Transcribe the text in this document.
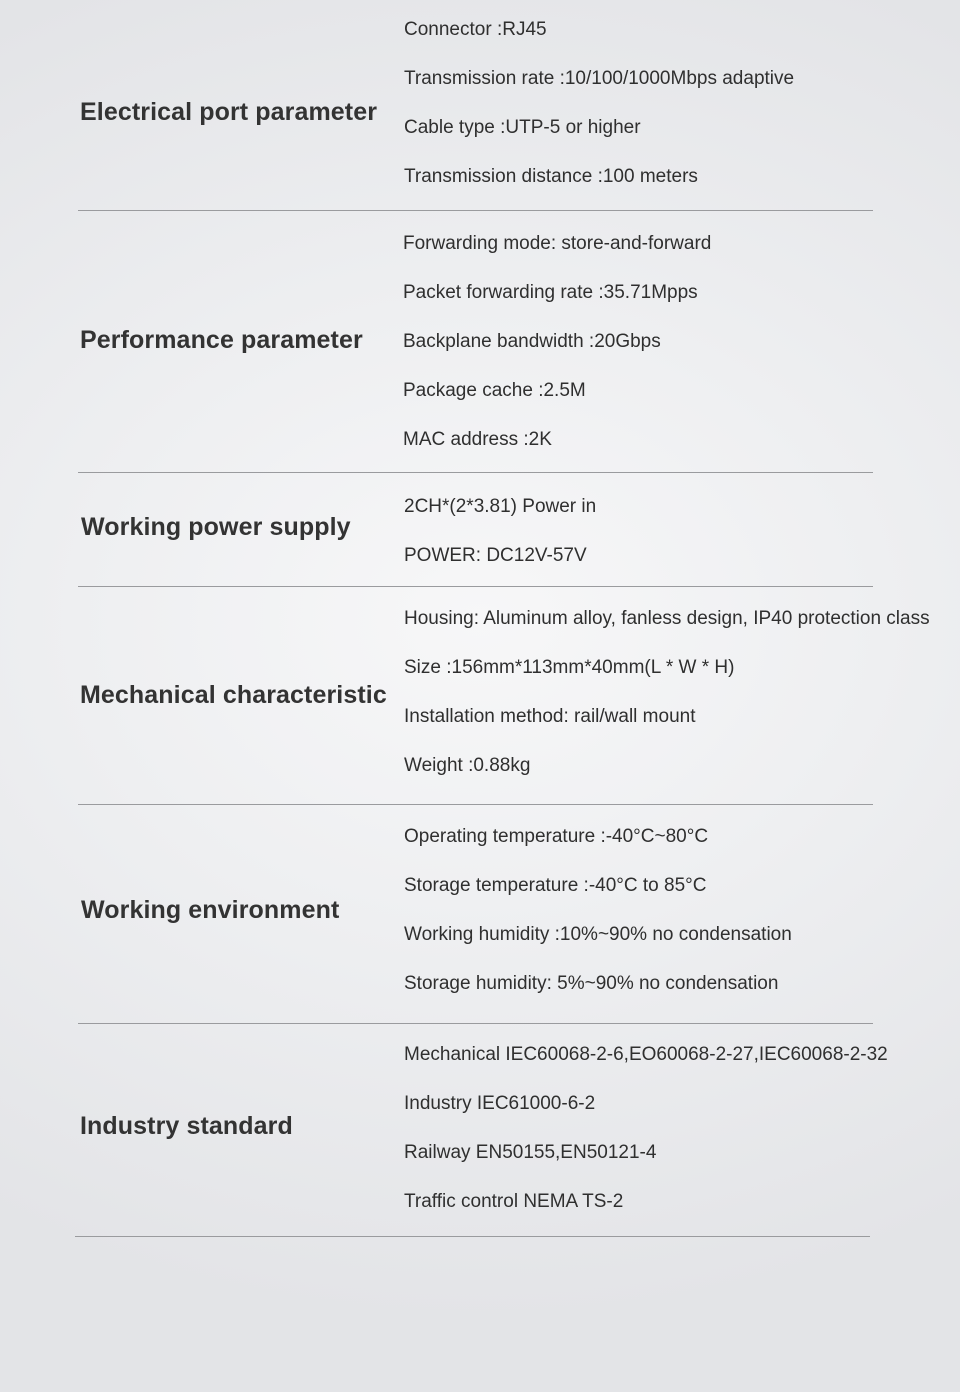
Electrical port parameter
Connector :RJ45
Transmission rate :10/100/1000Mbps adaptive
Cable type :UTP-5 or higher
Transmission distance :100 meters
Performance parameter
Forwarding mode: store-and-forward
Packet forwarding rate :35.71Mpps
Backplane bandwidth :20Gbps
Package cache :2.5M
MAC address :2K
Working power supply
2CH*(2*3.81) Power in
POWER: DC12V-57V
Mechanical characteristic
Housing: Aluminum alloy, fanless design, IP40 protection class
Size :156mm*113mm*40mm(L * W * H)
Installation method: rail/wall mount
Weight :0.88kg
Working environment
Operating temperature :-40°C~80°C
Storage temperature :-40°C to 85°C
Working humidity :10%~90% no condensation
Storage humidity: 5%~90% no condensation
Industry standard
Mechanical IEC60068-2-6,EO60068-2-27,IEC60068-2-32
Industry IEC61000-6-2
Railway EN50155,EN50121-4
Traffic control NEMA TS-2
